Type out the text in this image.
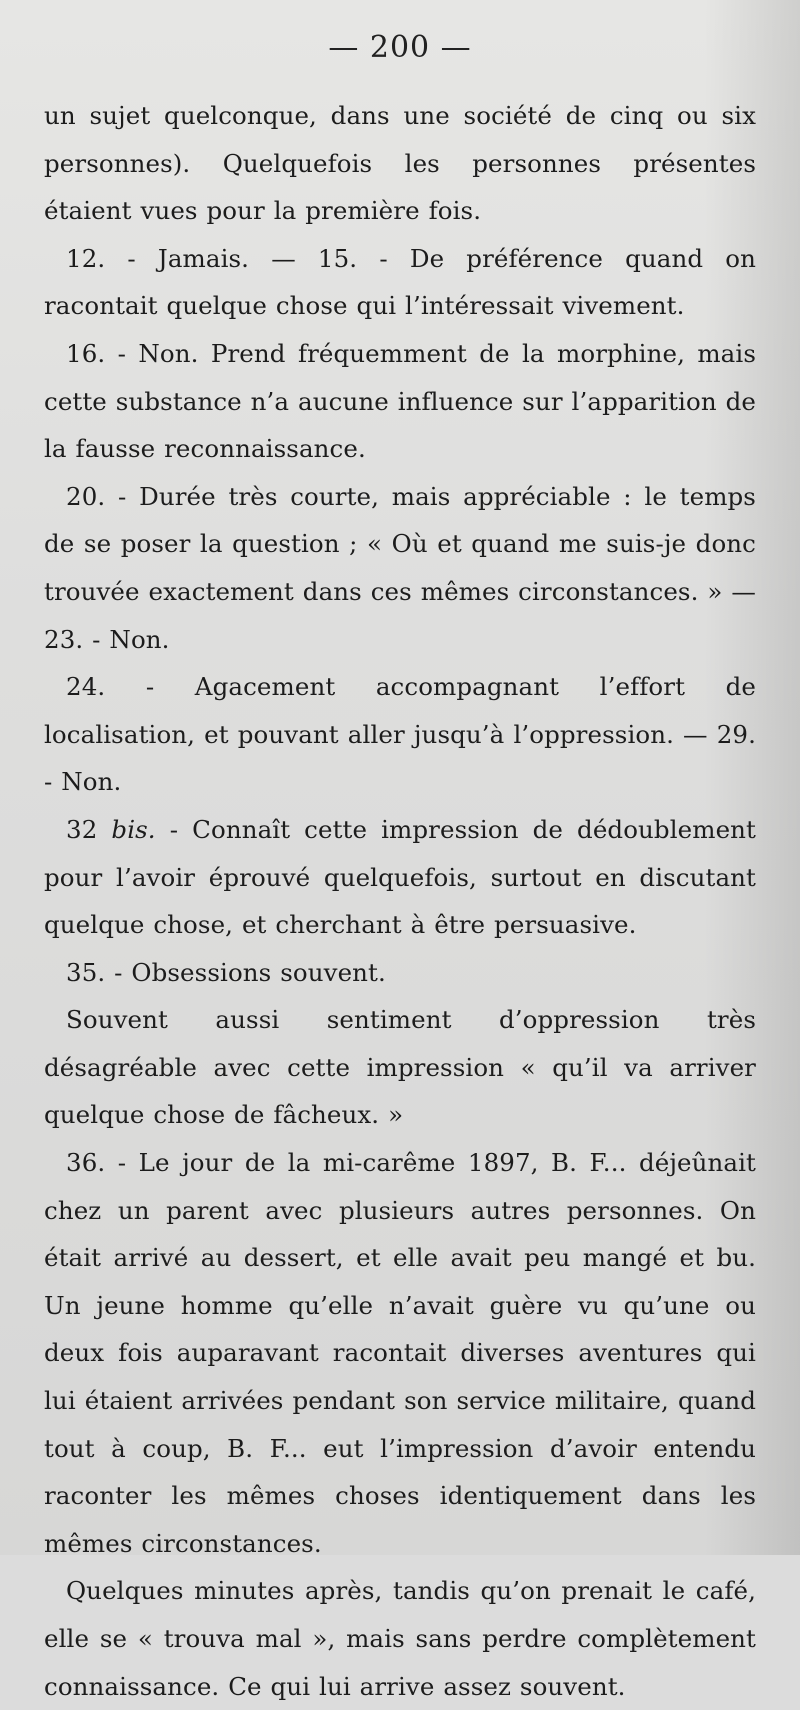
— 200 —

un sujet quelconque, dans une société de cinq ou six personnes). Quelquefois les personnes présentes étaient vues pour la première fois.

12. - Jamais. — 15. - De préférence quand on racontait quelque chose qui l’intéressait vivement.

16. - Non. Prend fréquemment de la morphine, mais cette substance n’a aucune influence sur l’apparition de la fausse reconnaissance.

20. - Durée très courte, mais appréciable : le temps de se poser la question ; « Où et quand me suis-je donc trouvée exactement dans ces mêmes circonstances. » — 23. - Non.

24. - Agacement accompagnant l’effort de localisation, et pouvant aller jusqu’à l’oppression. — 29. - Non.

32 bis. - Connaît cette impression de dédoublement pour l’avoir éprouvé quelquefois, surtout en discutant quelque chose, et cherchant à être persuasive.

35. - Obsessions souvent.

Souvent aussi sentiment d’oppression très désagréable avec cette impression « qu’il va arriver quelque chose de fâcheux. »

36. - Le jour de la mi-carême 1897, B. F... déjeûnait chez un parent avec plusieurs autres personnes. On était arrivé au dessert, et elle avait peu mangé et bu. Un jeune homme qu’elle n’avait guère vu qu’une ou deux fois auparavant racontait diverses aventures qui lui étaient arrivées pendant son service militaire, quand tout à coup, B. F... eut l’impression d’avoir entendu raconter les mêmes choses identiquement dans les mêmes circonstances.

Quelques minutes après, tandis qu’on prenait le café, elle se « trouva mal », mais sans perdre complètement connaissance. Ce qui lui arrive assez souvent.
